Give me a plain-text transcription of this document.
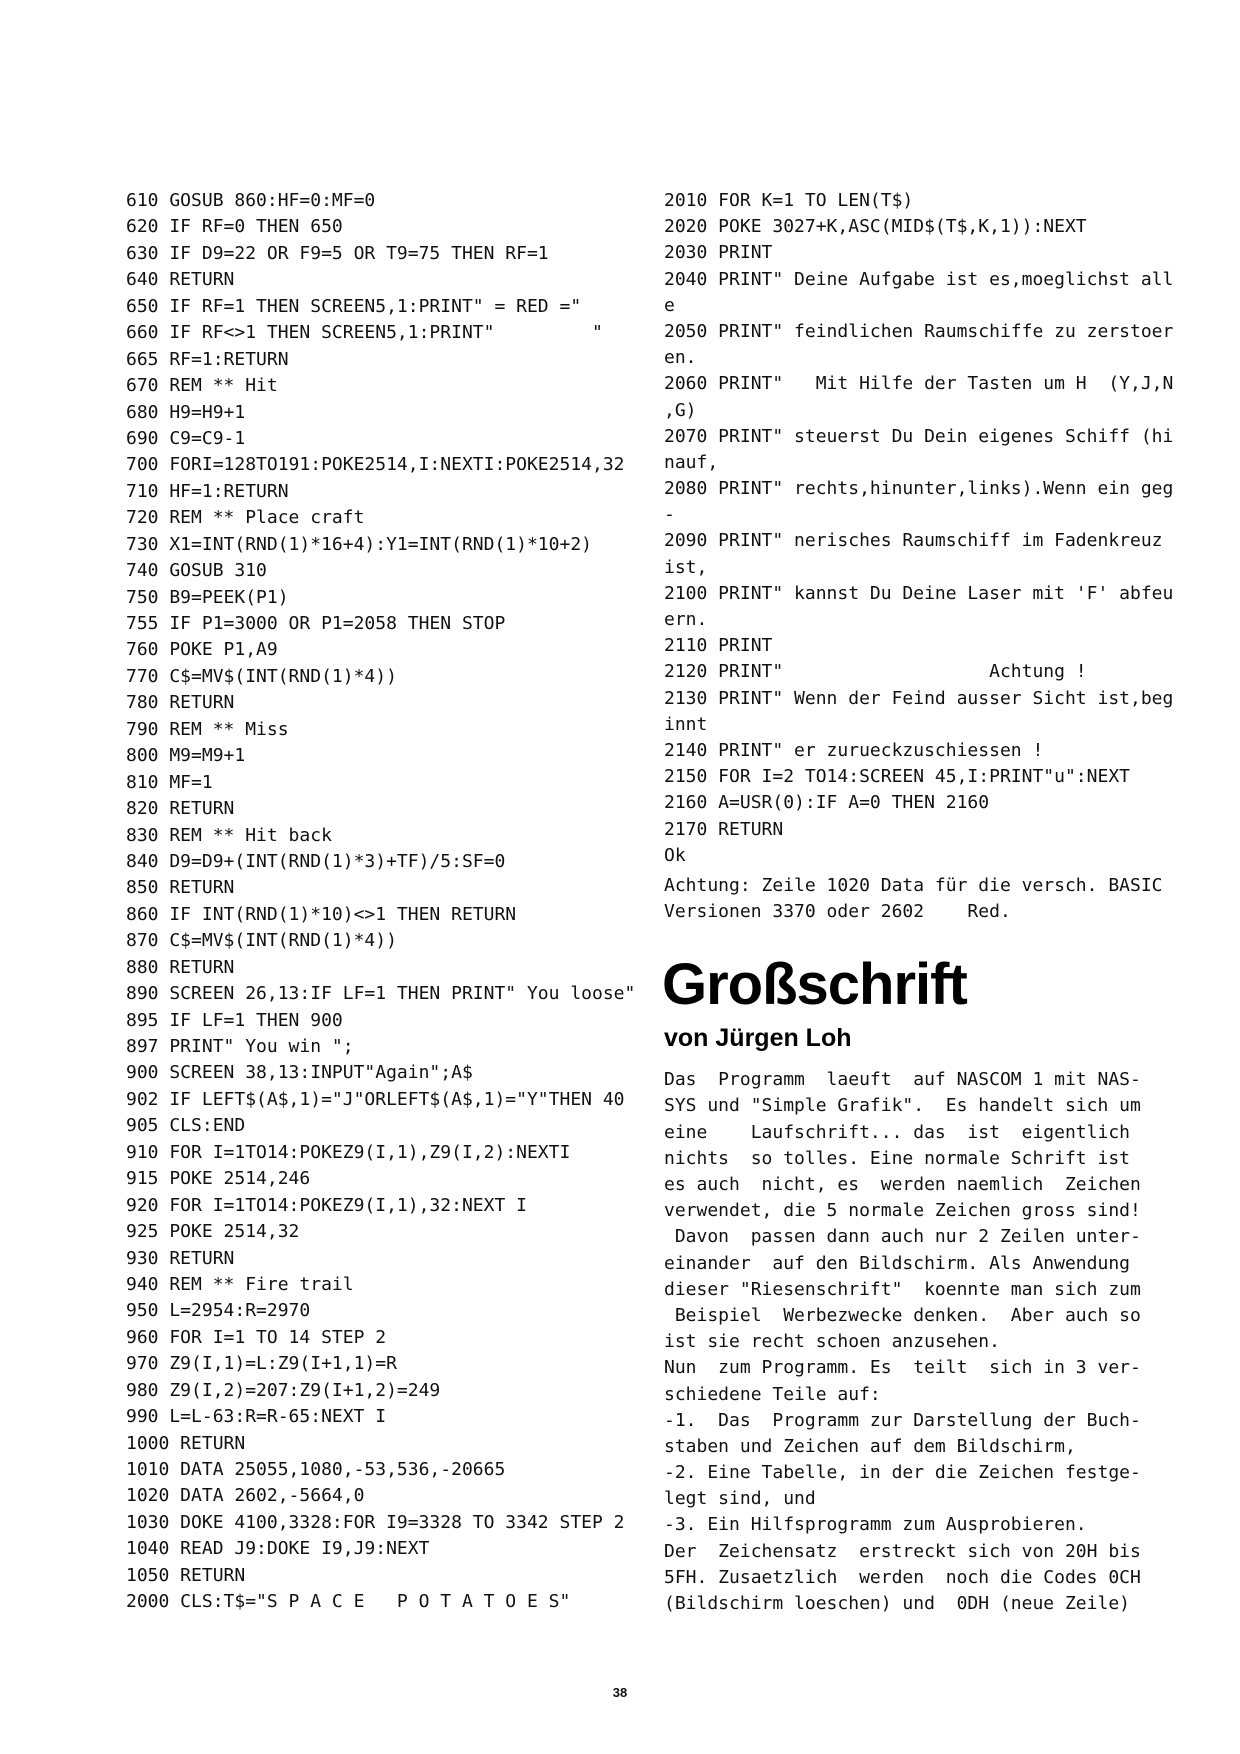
610 GOSUB 860:HF=0:MF=0
620 IF RF=0 THEN 650
630 IF D9=22 OR F9=5 OR T9=75 THEN RF=1
640 RETURN
650 IF RF=1 THEN SCREEN5,1:PRINT" = RED ="
660 IF RF<>1 THEN SCREEN5,1:PRINT"         "
665 RF=1:RETURN
670 REM ** Hit
680 H9=H9+1
690 C9=C9-1
700 FORI=128TO191:POKE2514,I:NEXTI:POKE2514,32
710 HF=1:RETURN
720 REM ** Place craft
730 X1=INT(RND(1)*16+4):Y1=INT(RND(1)*10+2)
740 GOSUB 310
750 B9=PEEK(P1)
755 IF P1=3000 OR P1=2058 THEN STOP
760 POKE P1,A9
770 C$=MV$(INT(RND(1)*4))
780 RETURN
790 REM ** Miss
800 M9=M9+1
810 MF=1
820 RETURN
830 REM ** Hit back
840 D9=D9+(INT(RND(1)*3)+TF)/5:SF=0
850 RETURN
860 IF INT(RND(1)*10)<>1 THEN RETURN
870 C$=MV$(INT(RND(1)*4))
880 RETURN
890 SCREEN 26,13:IF LF=1 THEN PRINT" You loose"
895 IF LF=1 THEN 900
897 PRINT" You win ";
900 SCREEN 38,13:INPUT"Again";A$
902 IF LEFT$(A$,1)="J"ORLEFT$(A$,1)="Y"THEN 40
905 CLS:END
910 FOR I=1TO14:POKEZ9(I,1),Z9(I,2):NEXTI
915 POKE 2514,246
920 FOR I=1TO14:POKEZ9(I,1),32:NEXT I
925 POKE 2514,32
930 RETURN
940 REM ** Fire trail
950 L=2954:R=2970
960 FOR I=1 TO 14 STEP 2
970 Z9(I,1)=L:Z9(I+1,1)=R
980 Z9(I,2)=207:Z9(I+1,2)=249
990 L=L-63:R=R-65:NEXT I
1000 RETURN
1010 DATA 25055,1080,-53,536,-20665
1020 DATA 2602,-5664,0
1030 DOKE 4100,3328:FOR I9=3328 TO 3342 STEP 2
1040 READ J9:DOKE I9,J9:NEXT
1050 RETURN
2000 CLS:T$="S P A C E   P O T A T O E S"
2010 FOR K=1 TO LEN(T$)
2020 POKE 3027+K,ASC(MID$(T$,K,1)):NEXT
2030 PRINT
2040 PRINT" Deine Aufgabe ist es,moeglichst all
e
2050 PRINT" feindlichen Raumschiffe zu zerstoer
en.
2060 PRINT"   Mit Hilfe der Tasten um H  (Y,J,N
,G)
2070 PRINT" steuerst Du Dein eigenes Schiff (hi
nauf,
2080 PRINT" rechts,hinunter,links).Wenn ein geg
-
2090 PRINT" nerisches Raumschiff im Fadenkreuz
ist,
2100 PRINT" kannst Du Deine Laser mit 'F' abfeu
ern.
2110 PRINT
2120 PRINT"                   Achtung !
2130 PRINT" Wenn der Feind ausser Sicht ist,beg
innt
2140 PRINT" er zurueckzuschiessen !
2150 FOR I=2 TO14:SCREEN 45,I:PRINT"u":NEXT
2160 A=USR(0):IF A=0 THEN 2160
2170 RETURN
Ok
Achtung: Zeile 1020 Data für die versch. BASIC
Versionen 3370 oder 2602    Red.
Großschrift
von Jürgen Loh
Das  Programm  laeuft  auf NASCOM 1 mit NAS-
SYS und "Simple Grafik".  Es handelt sich um
eine    Laufschrift... das  ist  eigentlich
nichts  so tolles. Eine normale Schrift ist
es auch  nicht, es  werden naemlich  Zeichen
verwendet, die 5 normale Zeichen gross sind!
Davon  passen dann auch nur 2 Zeilen unter-
einander  auf den Bildschirm. Als Anwendung
dieser "Riesenschrift"  koennte man sich zum
Beispiel  Werbezwecke denken.  Aber auch so
ist sie recht schoen anzusehen.
Nun  zum Programm. Es  teilt  sich in 3 ver-
schiedene Teile auf:
-1.  Das  Programm zur Darstellung der Buch-
staben und Zeichen auf dem Bildschirm,
-2. Eine Tabelle, in der die Zeichen festge-
legt sind, und
-3. Ein Hilfsprogramm zum Ausprobieren.
Der  Zeichensatz  erstreckt sich von 20H bis
5FH. Zusaetzlich  werden  noch die Codes 0CH
(Bildschirm loeschen) und  0DH (neue Zeile)
38
